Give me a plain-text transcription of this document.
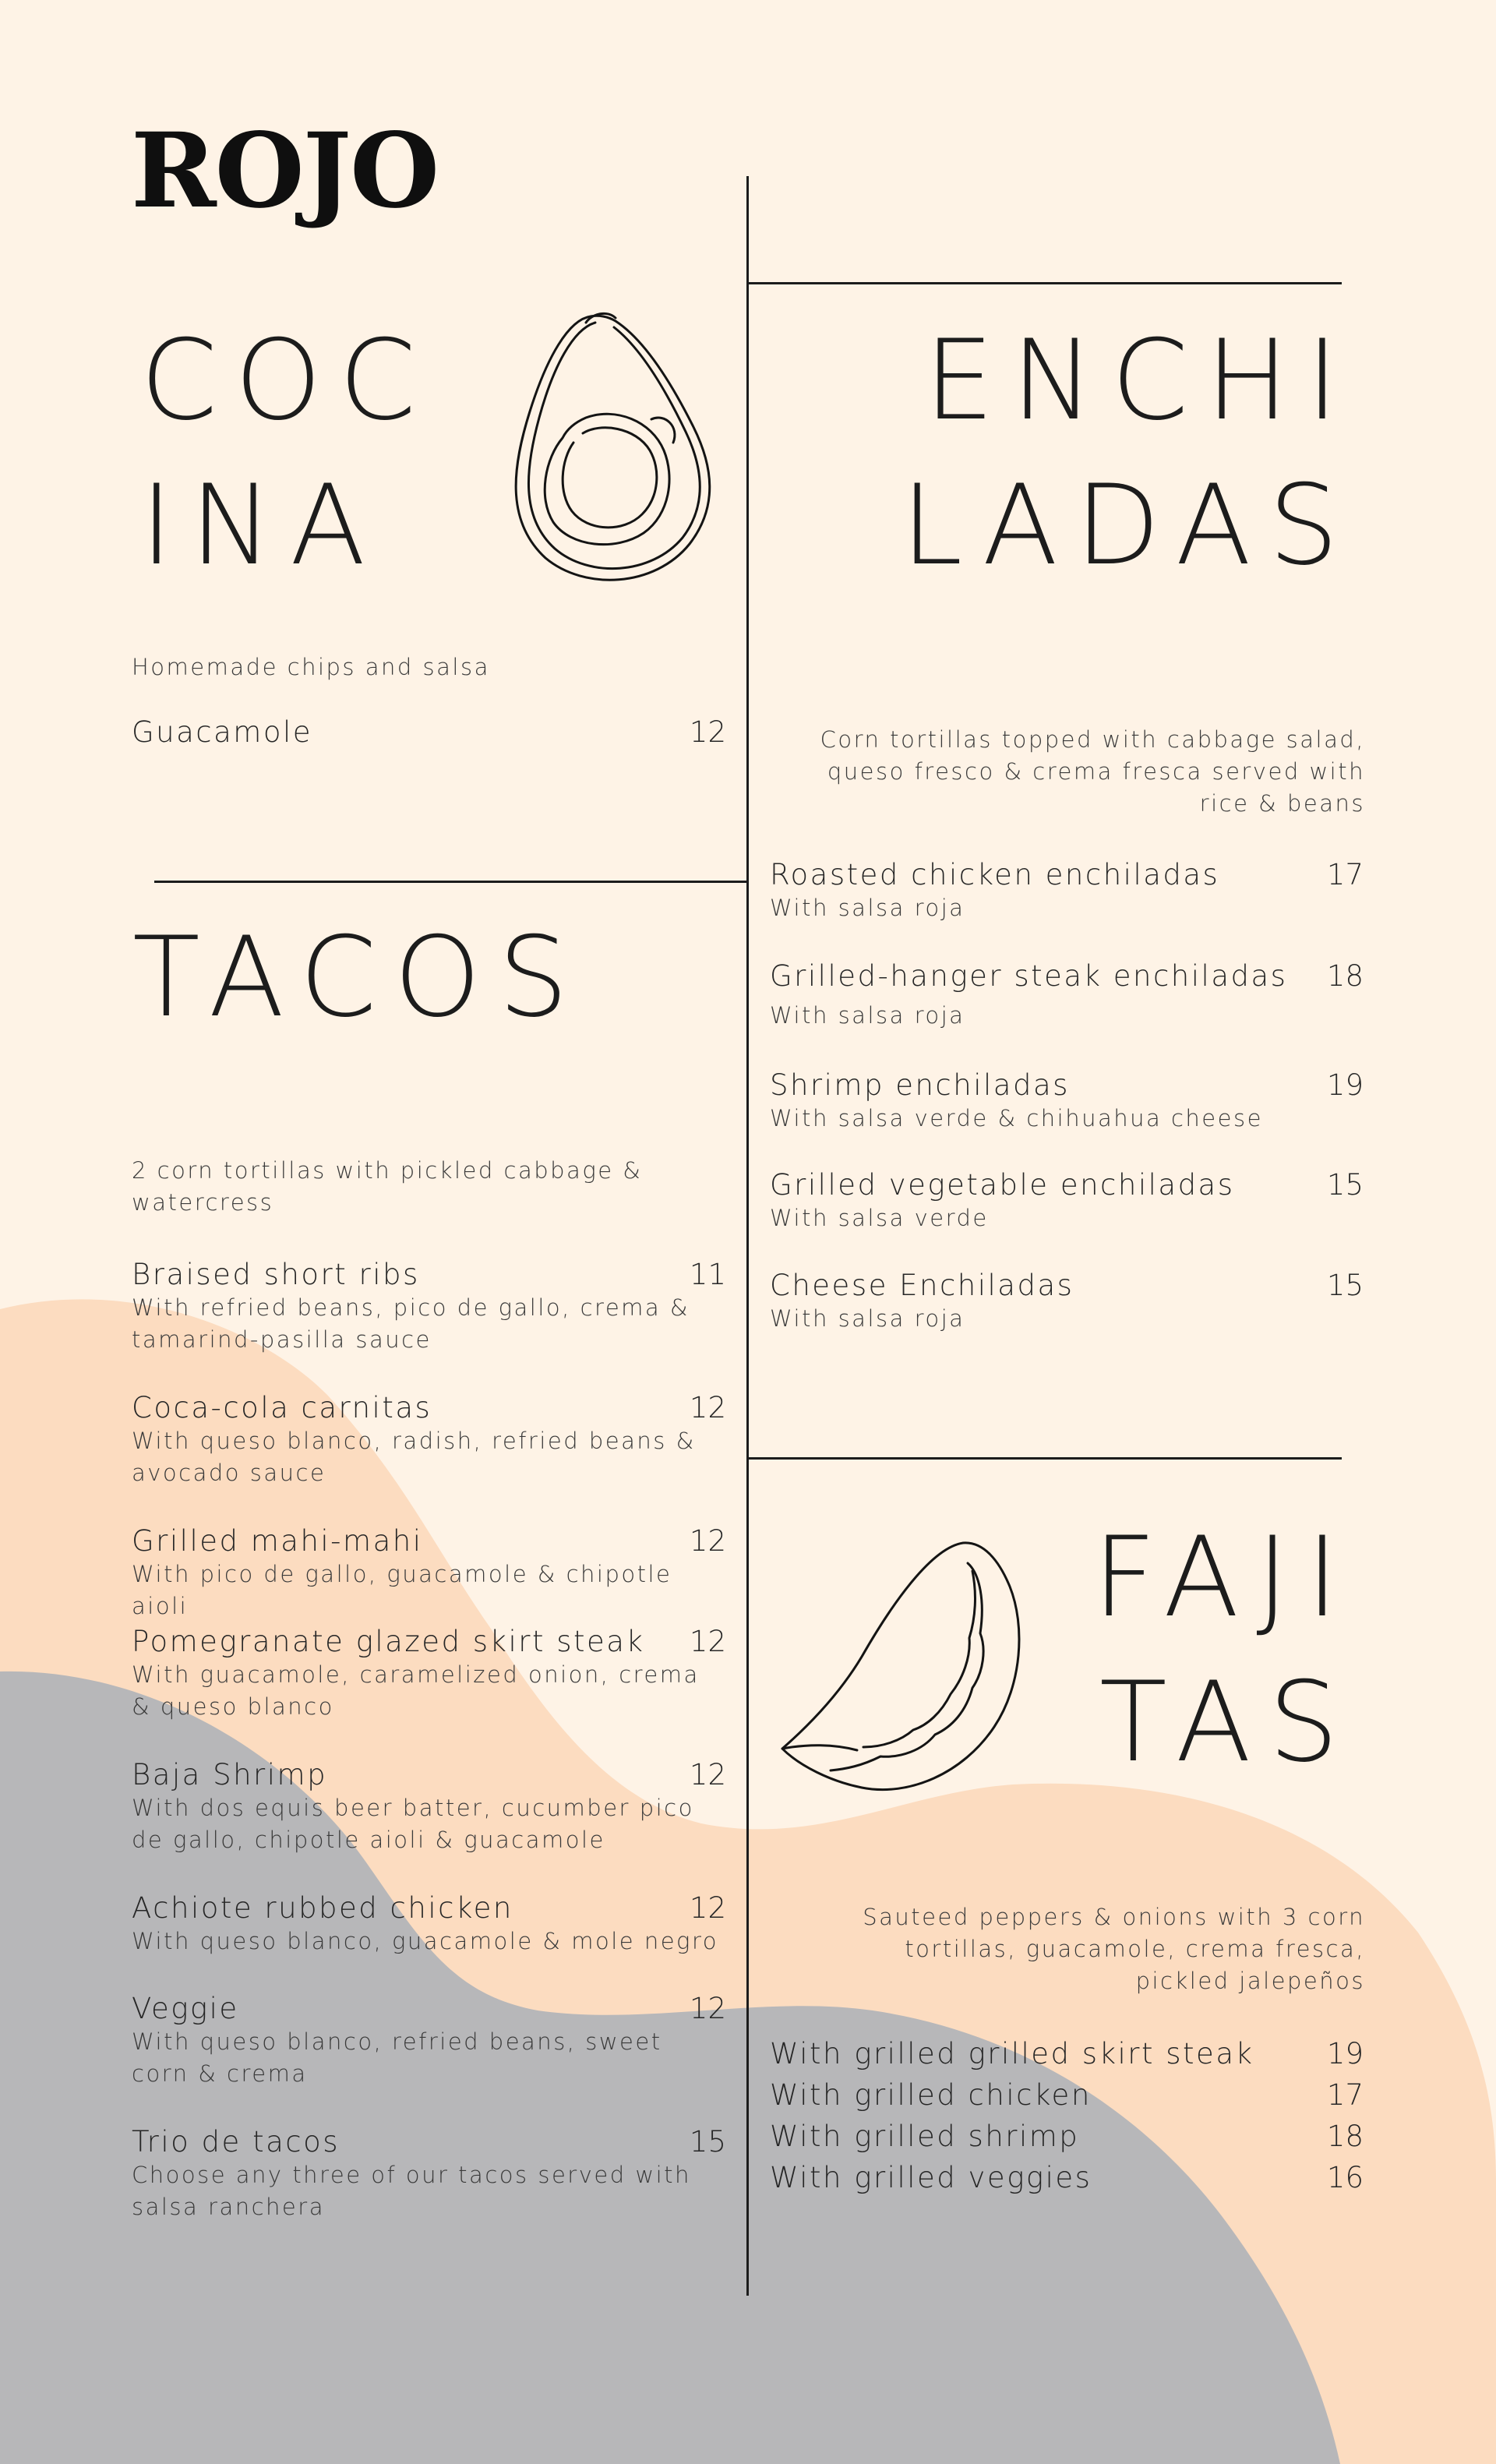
ROJO
COC
INA
Homemade chips and salsa
Guacamole	12
ENCHI
LADAS
Corn tortillas topped with cabbage salad, queso fresco & crema fresca served with rice & beans
Roasted chicken enchiladas	17
With salsa roja
Grilled-hanger steak enchiladas 18
With salsa roja
Shrimp enchiladas	19
With salsa verde & chihuahua cheese
Grilled vegetable enchiladas	15
With salsa verde
Cheese Enchiladas	15
With salsa roja
TACOS
2 corn tortillas with pickled cabbage & watercress
Braised short ribs	11
With refried beans, pico de gallo, crema & tamarind-pasilla sauce
Coca-cola carnitas	12
With queso blanco, radish, refried beans & avocado sauce
Grilled mahi-mahi	12
With pico de gallo, guacamole & chipotle aioli
Pomegranate glazed skirt steak 12
With guacamole, caramelized onion, crema & queso blanco
Baja Shrimp	12
With dos equis beer batter, cucumber pico de gallo, chipotle aioli & guacamole
Achiote rubbed chicken	12
With queso blanco, guacamole & mole negro
Veggie	12
With queso blanco, refried beans, sweet corn & crema
Trio de tacos	15
Choose any three of our tacos served with salsa ranchera
FAJI
TAS
Sauteed peppers & onions with 3 corn tortillas, guacamole, crema fresca, pickled jalepeños
With grilled grilled skirt steak	19
With grilled chicken	17
With grilled shrimp	18
With grilled veggies	16
